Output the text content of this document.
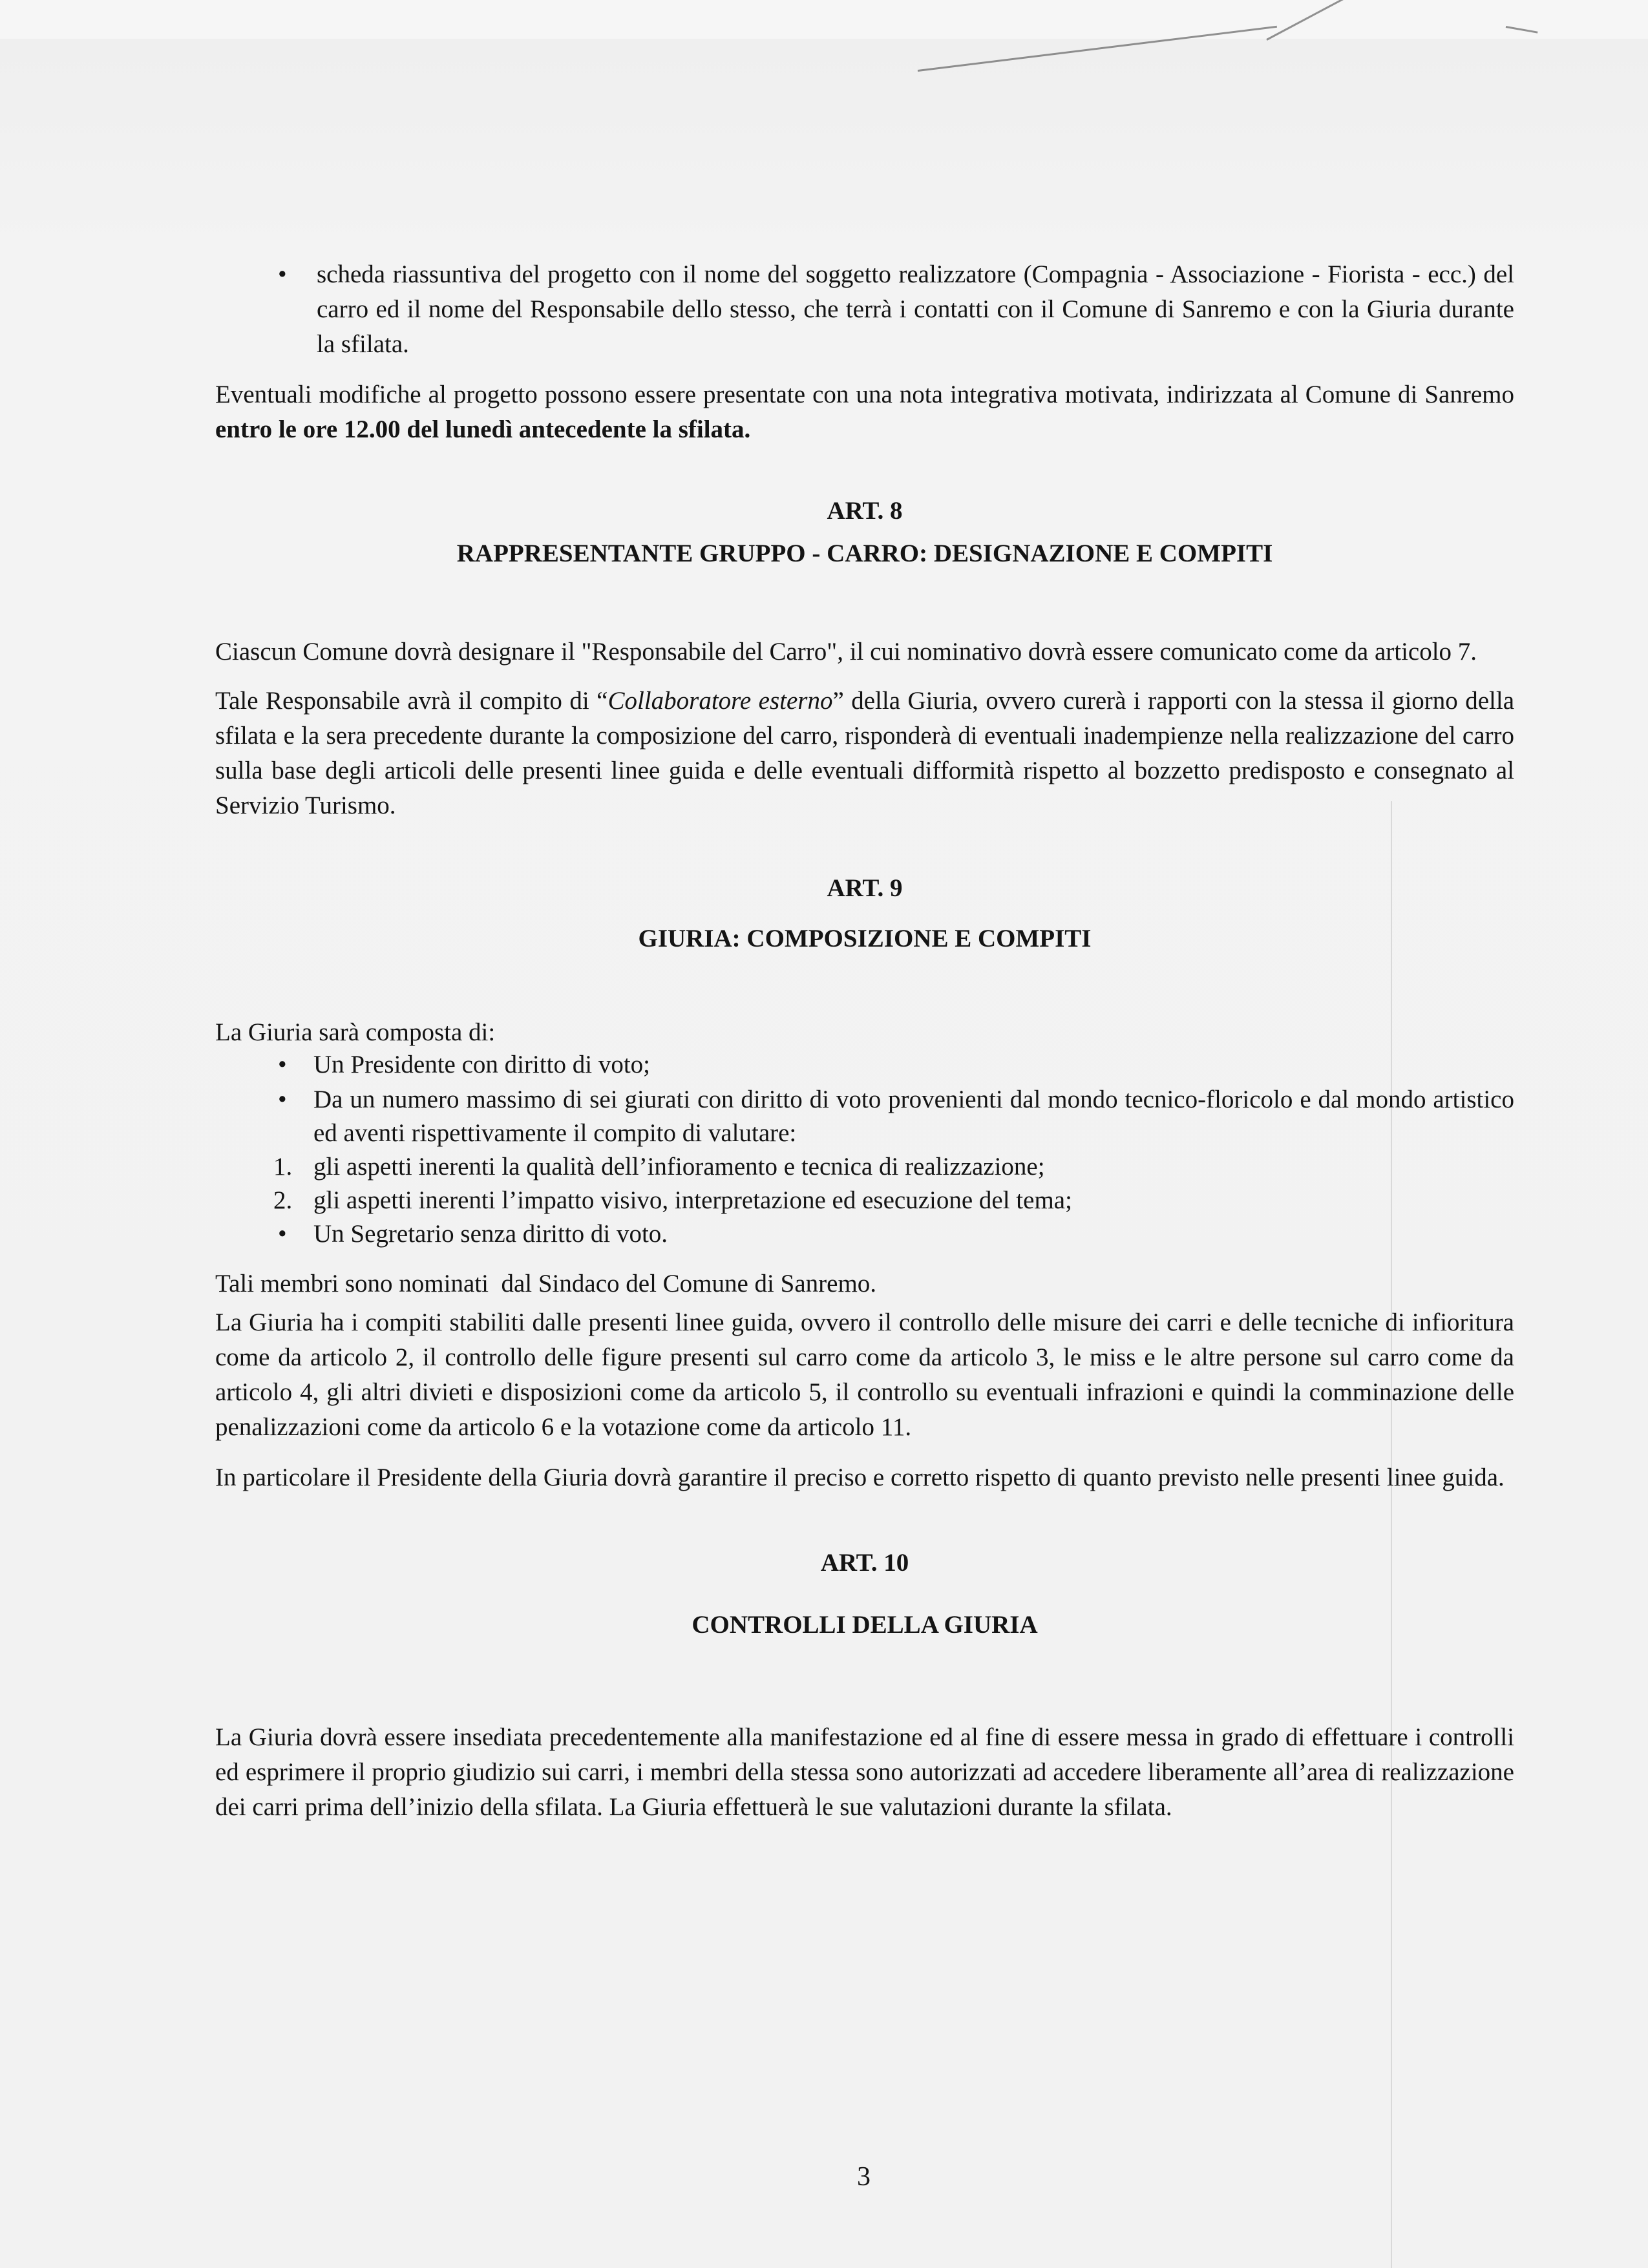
• scheda riassuntiva del progetto con il nome del soggetto realizzatore (Compagnia - Associazione - Fiorista - ecc.) del carro ed il nome del Responsabile dello stesso, che terrà i contatti con il Comune di Sanremo e con la Giuria durante la sfilata.

Eventuali modifiche al progetto possono essere presentate con una nota integrativa motivata, indirizzata al Comune di Sanremo entro le ore 12.00 del lunedì antecedente la sfilata.

ART. 8
RAPPRESENTANTE GRUPPO - CARRO: DESIGNAZIONE E COMPITI

Ciascun Comune dovrà designare il "Responsabile del Carro", il cui nominativo dovrà essere comunicato come da articolo 7.

Tale Responsabile avrà il compito di “Collaboratore esterno” della Giuria, ovvero curerà i rapporti con la stessa il giorno della sfilata e la sera precedente durante la composizione del carro, risponderà di eventuali inadempienze nella realizzazione del carro sulla base degli articoli delle presenti linee guida e delle eventuali difformità rispetto al bozzetto predisposto e consegnato al Servizio Turismo.

ART. 9
GIURIA: COMPOSIZIONE E COMPITI

La Giuria sarà composta di:

• Un Presidente con diritto di voto;
• Da un numero massimo di sei giurati con diritto di voto provenienti dal mondo tecnico-floricolo e dal mondo artistico ed aventi rispettivamente il compito di valutare:
1. gli aspetti inerenti la qualità dell’infioramento e tecnica di realizzazione;
2. gli aspetti inerenti l’impatto visivo, interpretazione ed esecuzione del tema;
• Un Segretario senza diritto di voto.

Tali membri sono nominati  dal Sindaco del Comune di Sanremo.

La Giuria ha i compiti stabiliti dalle presenti linee guida, ovvero il controllo delle misure dei carri e delle tecniche di infioritura come da articolo 2, il controllo delle figure presenti sul carro come da articolo 3, le miss e le altre persone sul carro come da articolo 4, gli altri divieti e disposizioni come da articolo 5, il controllo su eventuali infrazioni e quindi la comminazione delle penalizzazioni come da articolo 6 e la votazione come da articolo 11.

In particolare il Presidente della Giuria dovrà garantire il preciso e corretto rispetto di quanto previsto nelle presenti linee guida.

ART. 10
CONTROLLI DELLA GIURIA

La Giuria dovrà essere insediata precedentemente alla manifestazione ed al fine di essere messa in grado di effettuare i controlli ed esprimere il proprio giudizio sui carri, i membri della stessa sono autorizzati ad accedere liberamente all’area di realizzazione dei carri prima dell’inizio della sfilata. La Giuria effettuerà le sue valutazioni durante la sfilata.

3
